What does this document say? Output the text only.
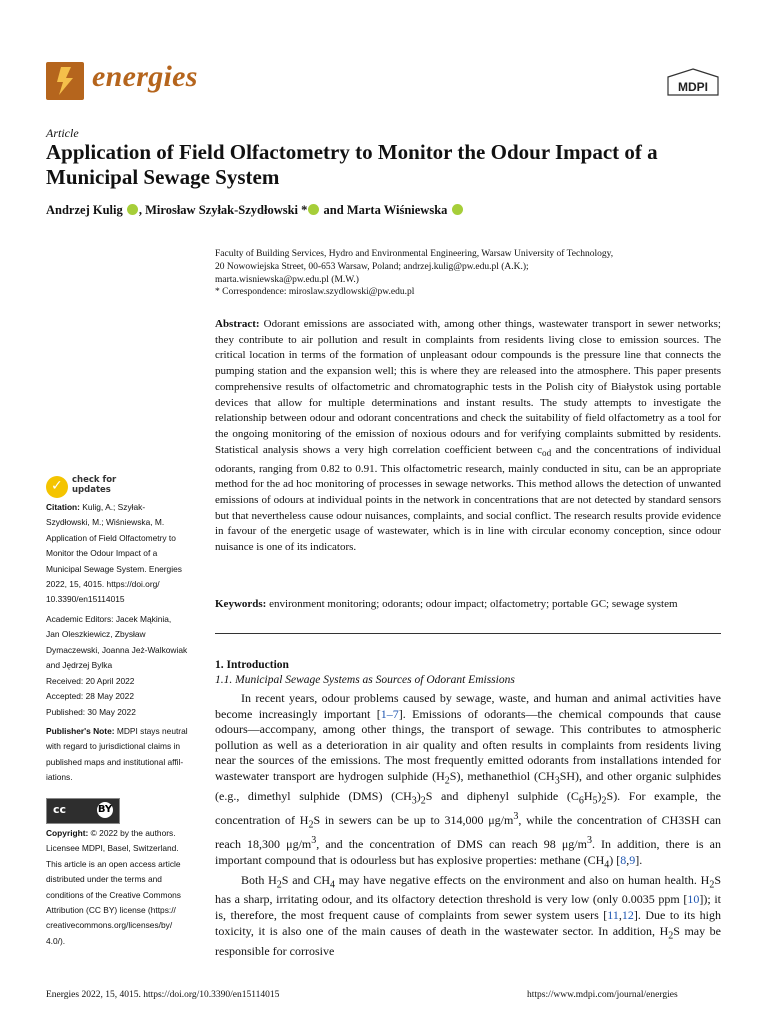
energies	MDPI
Article
Application of Field Olfactometry to Monitor the Odour Impact of a Municipal Sewage System
Andrzej Kulig , Mirosław Szyłak-Szydłowski * and Marta Wiśniewska
Faculty of Building Services, Hydro and Environmental Engineering, Warsaw University of Technology,
20 Nowowiejska Street, 00-653 Warsaw, Poland; andrzej.kulig@pw.edu.pl (A.K.);
marta.wisniewska@pw.edu.pl (M.W.)
* Correspondence: miroslaw.szydlowski@pw.edu.pl
Abstract: Odorant emissions are associated with, among other things, wastewater transport in sewer networks; they contribute to air pollution and result in complaints from residents living close to emission sources. The critical location in terms of the formation of unpleasant odour compounds is the pressure line that connects the pumping station and the expansion well; this is where they are released into the atmosphere. This paper presents comprehensive results of olfactometric and chromatographic tests in the Polish city of Białystok using portable devices that allow for multiple determinations and instant results. The study attempts to investigate the relationship between odour and odorant concentrations and check the suitability of field olfactometry as a tool for the ongoing monitoring of the emission of noxious odours and for verifying complaints submitted by residents. Statistical analysis shows a very high correlation coefficient between $c_{od}$ and the concentrations of individual odorants, ranging from 0.82 to 0.91. This olfactometric research, mainly conducted in situ, can be an appropriate method for the ad hoc monitoring of processes in sewage networks. This method allows the detection of unwanted emissions of odours at individual points in the network in concentrations that are not detected by standard sensors but that nevertheless cause odour nuisances, complaints, and social conflict. The research results provide evidence in favour of the energetic usage of wastewater, which is in line with circular economy conception, since odour nuisance is one of its indicators.
Keywords: environment monitoring; odorants; odour impact; olfactometry; portable GC; sewage system
1. Introduction
1.1. Municipal Sewage Systems as Sources of Odorant Emissions

In recent years, odour problems caused by sewage, waste, and human and animal activities have become increasingly important [1–7]. Emissions of odorants—the chemical compounds that cause odours—accompany, among other things, the transport of sewage. This contributes to atmospheric pollution as well as a deterioration in air quality and often results in complaints from residents living near the sources of the emissions. The most frequently emitted odorants from installations intended for wastewater transport are hydrogen sulphide $(H_2S)$, methanethiol $(CH_3SH)$, and other organic sulphides (e.g., dimethyl sulphide (DMS) $(CH_3)_2S$ and diphenyl sulphide $(C_6H_5)_2S$). For example, the concentration of $H_2S$ in sewers can be up to 314,000 $\mu g/m^3$, while the concentration of CH3SH can reach 18,300 $\mu g/m^3$, and the concentration of DMS can reach 98 $\mu g/m^3$. In addition, there is an important compound that is odourless but has explosive properties: methane $(CH_4)$ [8,9].

Both $H_2S$ and $CH_4$ may have negative effects on the environment and also on human health. $H_2S$ has a sharp, irritating odour, and its olfactory detection threshold is very low (only 0.0035 ppm [10]); it is, therefore, the most frequent cause of complaints from sewer system users [11,12]. Due to its high toxicity, it is also one of the main causes of death in the wastewater sector. In addition, $H_2S$ may be responsible for corrosive

✓ check for
updates
Citation: Kulig, A.; Szyłak-
Szydłowski, M.; Wiśniewska, M.
Application of Field Olfactometry to
Monitor the Odour Impact of a
Municipal Sewage System. Energies
2022, 15, 4015. https://doi.org/
10.3390/en15114015
Academic Editors: Jacek Mąkinia,
Jan Oleszkiewicz, Zbysław
Dymaczewski, Joanna Jeż-Walkowiak
and Jędrzej Bylka
Received: 20 April 2022
Accepted: 28 May 2022
Published: 30 May 2022
Publisher's Note: MDPI stays neutral
with regard to jurisdictional claims in
published maps and institutional affil-
iations.
cc	BY
Copyright: © 2022 by the authors.
Licensee MDPI, Basel, Switzerland.
This article is an open access article
distributed under the terms and
conditions of the Creative Commons
Attribution (CC BY) license (https://
creativecommons.org/licenses/by/
4.0/).
Energies 2022, 15, 4015. https://doi.org/10.3390/en15114015	https://www.mdpi.com/journal/energies
